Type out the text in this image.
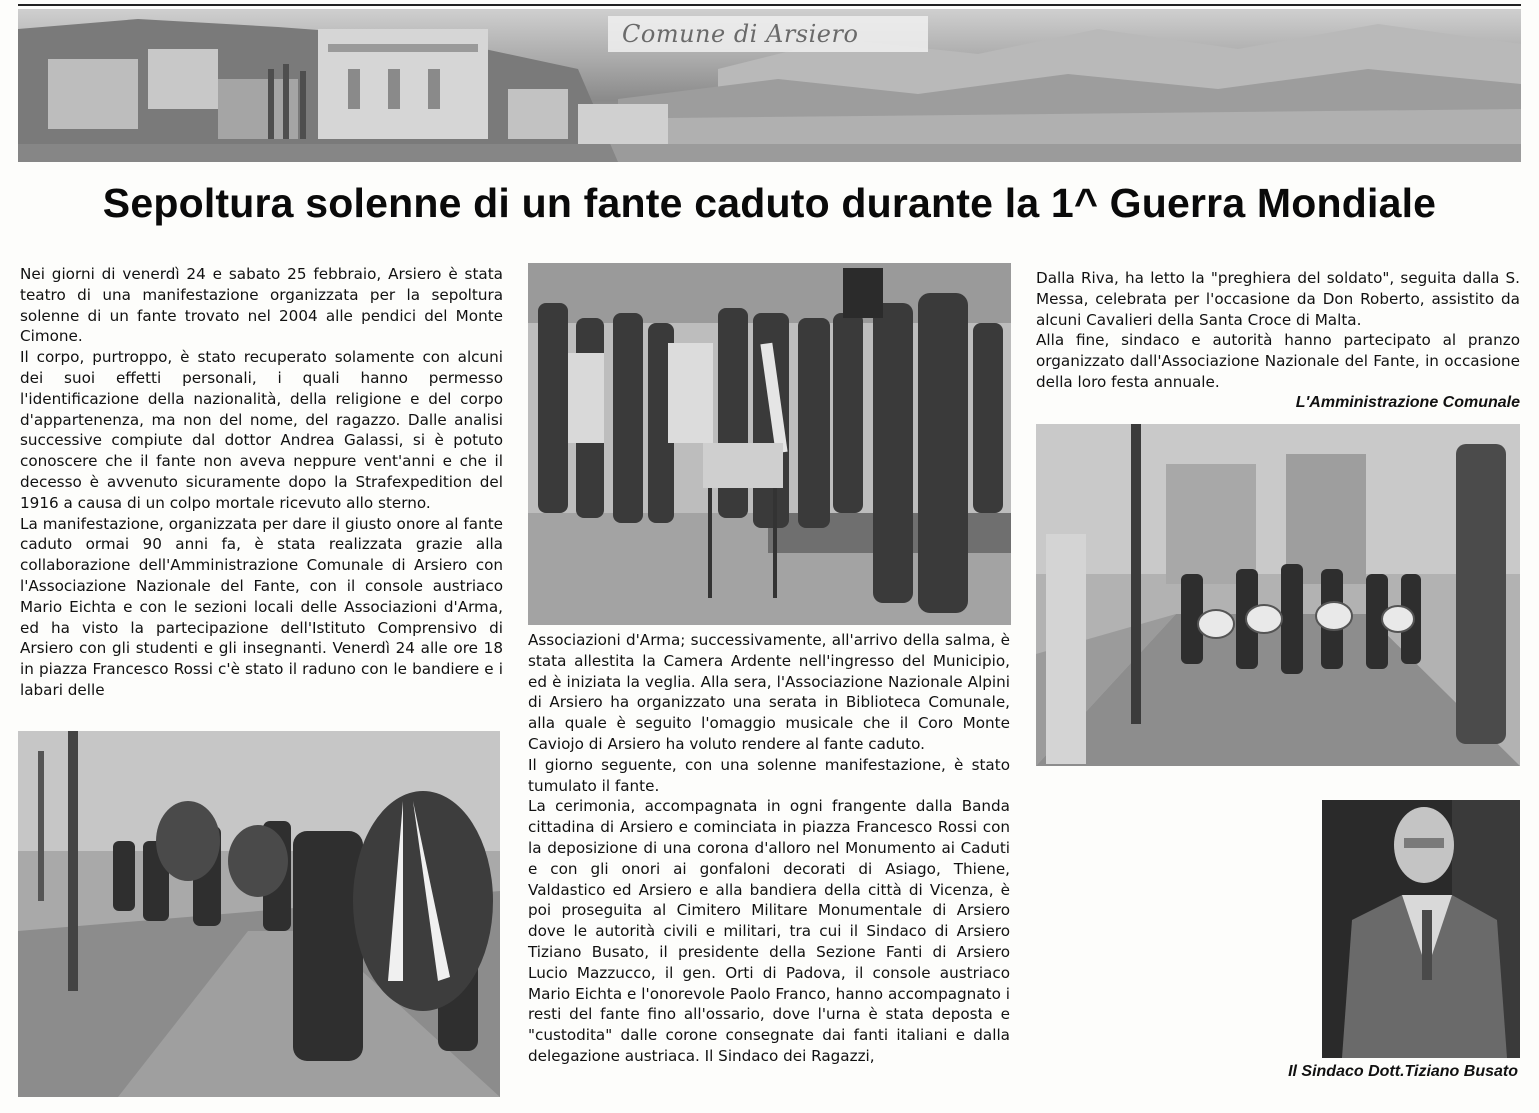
Comune di Arsiero
Sepoltura solenne di un fante caduto durante la 1^ Guerra Mondiale

Nei giorni di venerdì 24 e sabato 25 febbraio, Arsiero è stata teatro di una manifestazione organizzata per la sepoltura solenne di un fante trovato nel 2004 alle pendici del Monte Cimone.

Il corpo, purtroppo, è stato recuperato solamente con alcuni dei suoi effetti personali, i quali hanno permesso l'identificazione della nazionalità, della religione e del corpo d'appartenenza, ma non del nome, del ragazzo. Dalle analisi successive compiute dal dottor Andrea Galassi, si è potuto conoscere che il fante non aveva neppure vent'anni e che il decesso è avvenuto sicuramente dopo la Strafexpedition del 1916 a causa di un colpo mortale ricevuto allo sterno.

La manifestazione, organizzata per dare il giusto onore al fante caduto ormai 90 anni fa, è stata realizzata grazie alla collaborazione dell'Amministrazione Comunale di Arsiero con l'Associazione Nazionale del Fante, con il console austriaco Mario Eichta e con le sezioni locali delle Associazioni d'Arma, ed ha visto la partecipazione dell'Istituto Comprensivo di Arsiero con gli studenti e gli insegnanti. Venerdì 24 alle ore 18 in piazza Francesco Rossi c'è stato il raduno con le bandiere e i labari delle

Associazioni d'Arma; successivamente, all'arrivo della salma, è stata allestita la Camera Ardente nell'ingresso del Municipio, ed è iniziata la veglia. Alla sera, l'Associazione Nazionale Alpini di Arsiero ha organizzato una serata in Biblioteca Comunale, alla quale è seguito l'omaggio musicale che il Coro Monte Caviojo di Arsiero ha voluto rendere al fante caduto.

Il giorno seguente, con una solenne manifestazione, è stato tumulato il fante.

La cerimonia, accompagnata in ogni frangente dalla Banda cittadina di Arsiero e cominciata in piazza Francesco Rossi con la deposizione di una corona d'alloro nel Monumento ai Caduti e con gli onori ai gonfaloni decorati di Asiago, Thiene, Valdastico ed Arsiero e alla bandiera della città di Vicenza, è poi proseguita al Cimitero Militare Monumentale di Arsiero dove le autorità civili e militari, tra cui il Sindaco di Arsiero Tiziano Busato, il presidente della Sezione Fanti di Arsiero Lucio Mazzucco, il gen. Orti di Padova, il console austriaco Mario Eichta e l'onorevole Paolo Franco, hanno accompagnato i resti del fante fino all'ossario, dove l'urna è stata deposta e "custodita" dalle corone consegnate dai fanti italiani e dalla delegazione austriaca. Il Sindaco dei Ragazzi,

Dalla Riva, ha letto la "preghiera del soldato", seguita dalla S. Messa, celebrata per l'occasione da Don Roberto, assistito da alcuni Cavalieri della Santa Croce di Malta.

Alla fine, sindaco e autorità hanno partecipato al pranzo organizzato dall'Associazione Nazionale del Fante, in occasione della loro festa annuale.

L'Amministrazione Comunale

Il Sindaco Dott.Tiziano Busato
